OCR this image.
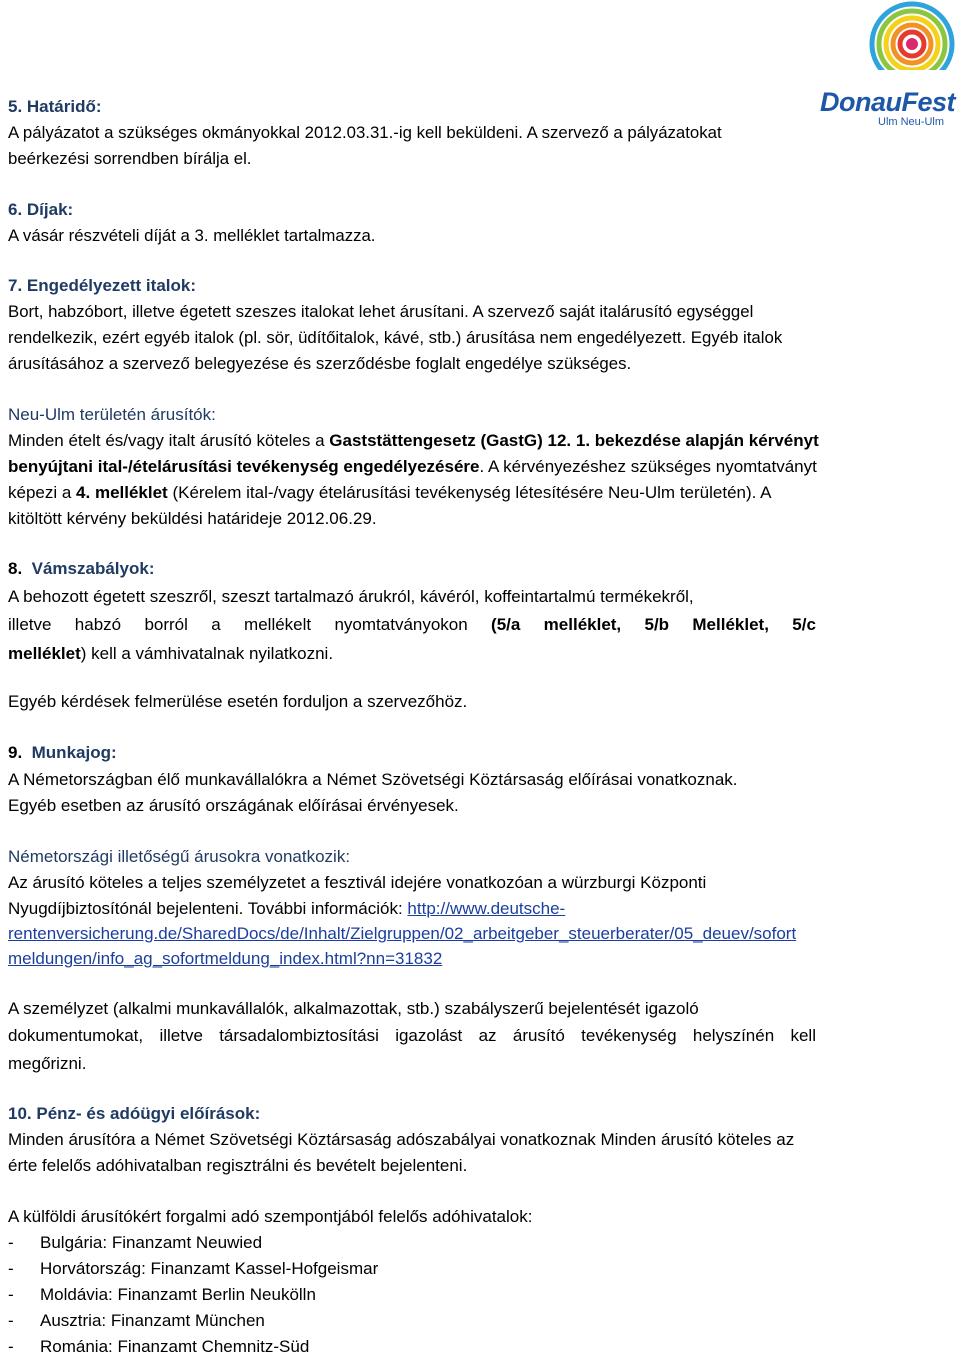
DonauFest
Ulm Neu-Ulm
5. Határidő:
A pályázatot a szükséges okmányokkal 2012.03.31.-ig kell beküldeni. A szervező a pályázatokat
beérkezési sorrendben bírálja el.
6. Díjak:
A vásár részvételi díját a 3. melléklet tartalmazza.
7. Engedélyezett italok:
Bort, habzóbort, illetve égetett szeszes italokat lehet árusítani. A szervező saját italárusító egységgel
rendelkezik, ezért egyéb italok (pl. sör, üdítőitalok, kávé, stb.) árusítása nem engedélyezett. Egyéb italok
árusításához a szervező belegyezése és szerződésbe foglalt engedélye szükséges.
Neu-Ulm területén árusítók:
Minden ételt és/vagy italt árusító köteles a Gaststättengesetz (GastG) 12. 1. bekezdése alapján kérvényt
benyújtani ital-/ételárusítási tevékenység engedélyezésére. A kérvényezéshez szükséges nyomtatványt
képezi a 4. melléklet (Kérelem ital-/vagy ételárusítási tevékenység létesítésére Neu-Ulm területén). A
kitöltött kérvény beküldési határideje 2012.06.29.
8. Vámszabályok:
A behozott égetett szeszről, szeszt tartalmazó árukról, kávéról, koffeintartalmú termékekről,
illetve habzó borról a mellékelt nyomtatványokon (5/a melléklet, 5/b Melléklet, 5/c
melléklet) kell a vámhivatalnak nyilatkozni.
Egyéb kérdések felmerülése esetén forduljon a szervezőhöz.
9. Munkajog:
A Németországban élő munkavállalókra a Német Szövetségi Köztársaság előírásai vonatkoznak.
Egyéb esetben az árusító országának előírásai érvényesek.
Németországi illetőségű árusokra vonatkozik:
Az árusító köteles a teljes személyzetet a fesztivál idejére vonatkozóan a würzburgi Központi
Nyugdíjbiztosítónál bejelenteni. További információk: http://www.deutsche-
rentenversicherung.de/SharedDocs/de/Inhalt/Zielgruppen/02_arbeitgeber_steuerberater/05_deuev/sofort
meldungen/info_ag_sofortmeldung_index.html?nn=31832
A személyzet (alkalmi munkavállalók, alkalmazottak, stb.) szabályszerű bejelentését igazoló
dokumentumokat, illetve társadalombiztosítási igazolást az árusító tevékenység helyszínén kell
megőrizni.
10. Pénz- és adóügyi előírások:
Minden árusítóra a Német Szövetségi Köztársaság adószabályai vonatkoznak Minden árusító köteles az
érte felelős adóhivatalban regisztrálni és bevételt bejelenteni.
A külföldi árusítókért forgalmi adó szempontjából felelős adóhivatalok:
- Bulgária: Finanzamt Neuwied
- Horvátország: Finanzamt Kassel-Hofgeismar
- Moldávia: Finanzamt Berlin Neukölln
- Ausztria: Finanzamt München
- Románia: Finanzamt Chemnitz-Süd
